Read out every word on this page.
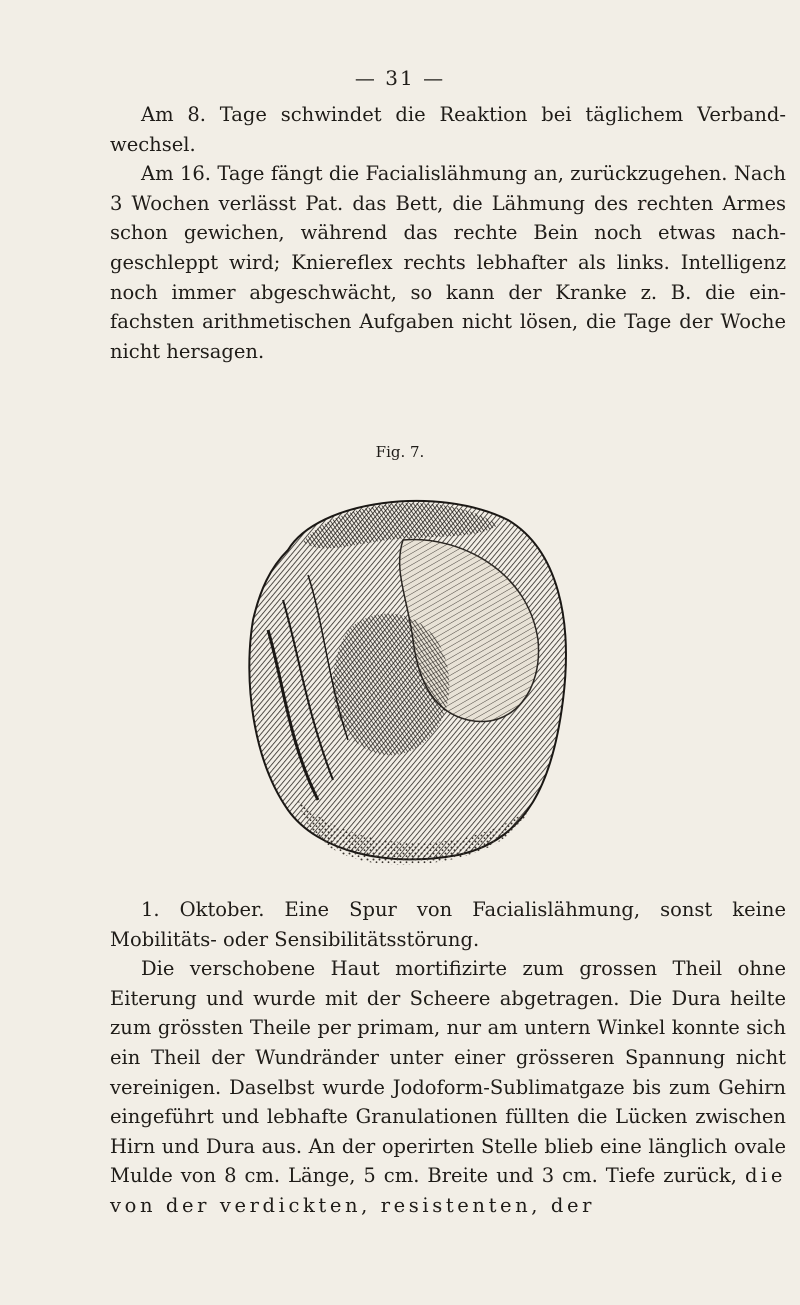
— 31 —

Am 8. Tage schwindet die Reaktion bei täglichem Verband-wechsel.

Am 16. Tage fängt die Facialislähmung an, zurückzugehen. Nach 3 Wochen verlässt Pat. das Bett, die Lähmung des rechten Armes schon gewichen, während das rechte Bein noch etwas nach-geschleppt wird; Kniereflex rechts lebhafter als links. Intelligenz noch immer abgeschwächt, so kann der Kranke z. B. die ein-fachsten arithmetischen Aufgaben nicht lösen, die Tage der Woche nicht hersagen.

Fig. 7.

1. Oktober. Eine Spur von Facialislähmung, sonst keine Mobilitäts- oder Sensibilitätsstörung.

Die verschobene Haut mortifizirte zum grossen Theil ohne Eiterung und wurde mit der Scheere abgetragen. Die Dura heilte zum grössten Theile per primam, nur am untern Winkel konnte sich ein Theil der Wundränder unter einer grösseren Spannung nicht vereinigen. Daselbst wurde Jodoform-Sublimatgaze bis zum Gehirn eingeführt und lebhafte Granulationen füllten die Lücken zwischen Hirn und Dura aus. An der operirten Stelle blieb eine länglich ovale Mulde von 8 cm. Länge, 5 cm. Breite und 3 cm. Tiefe zurück, die von der verdickten, resistenten, der
